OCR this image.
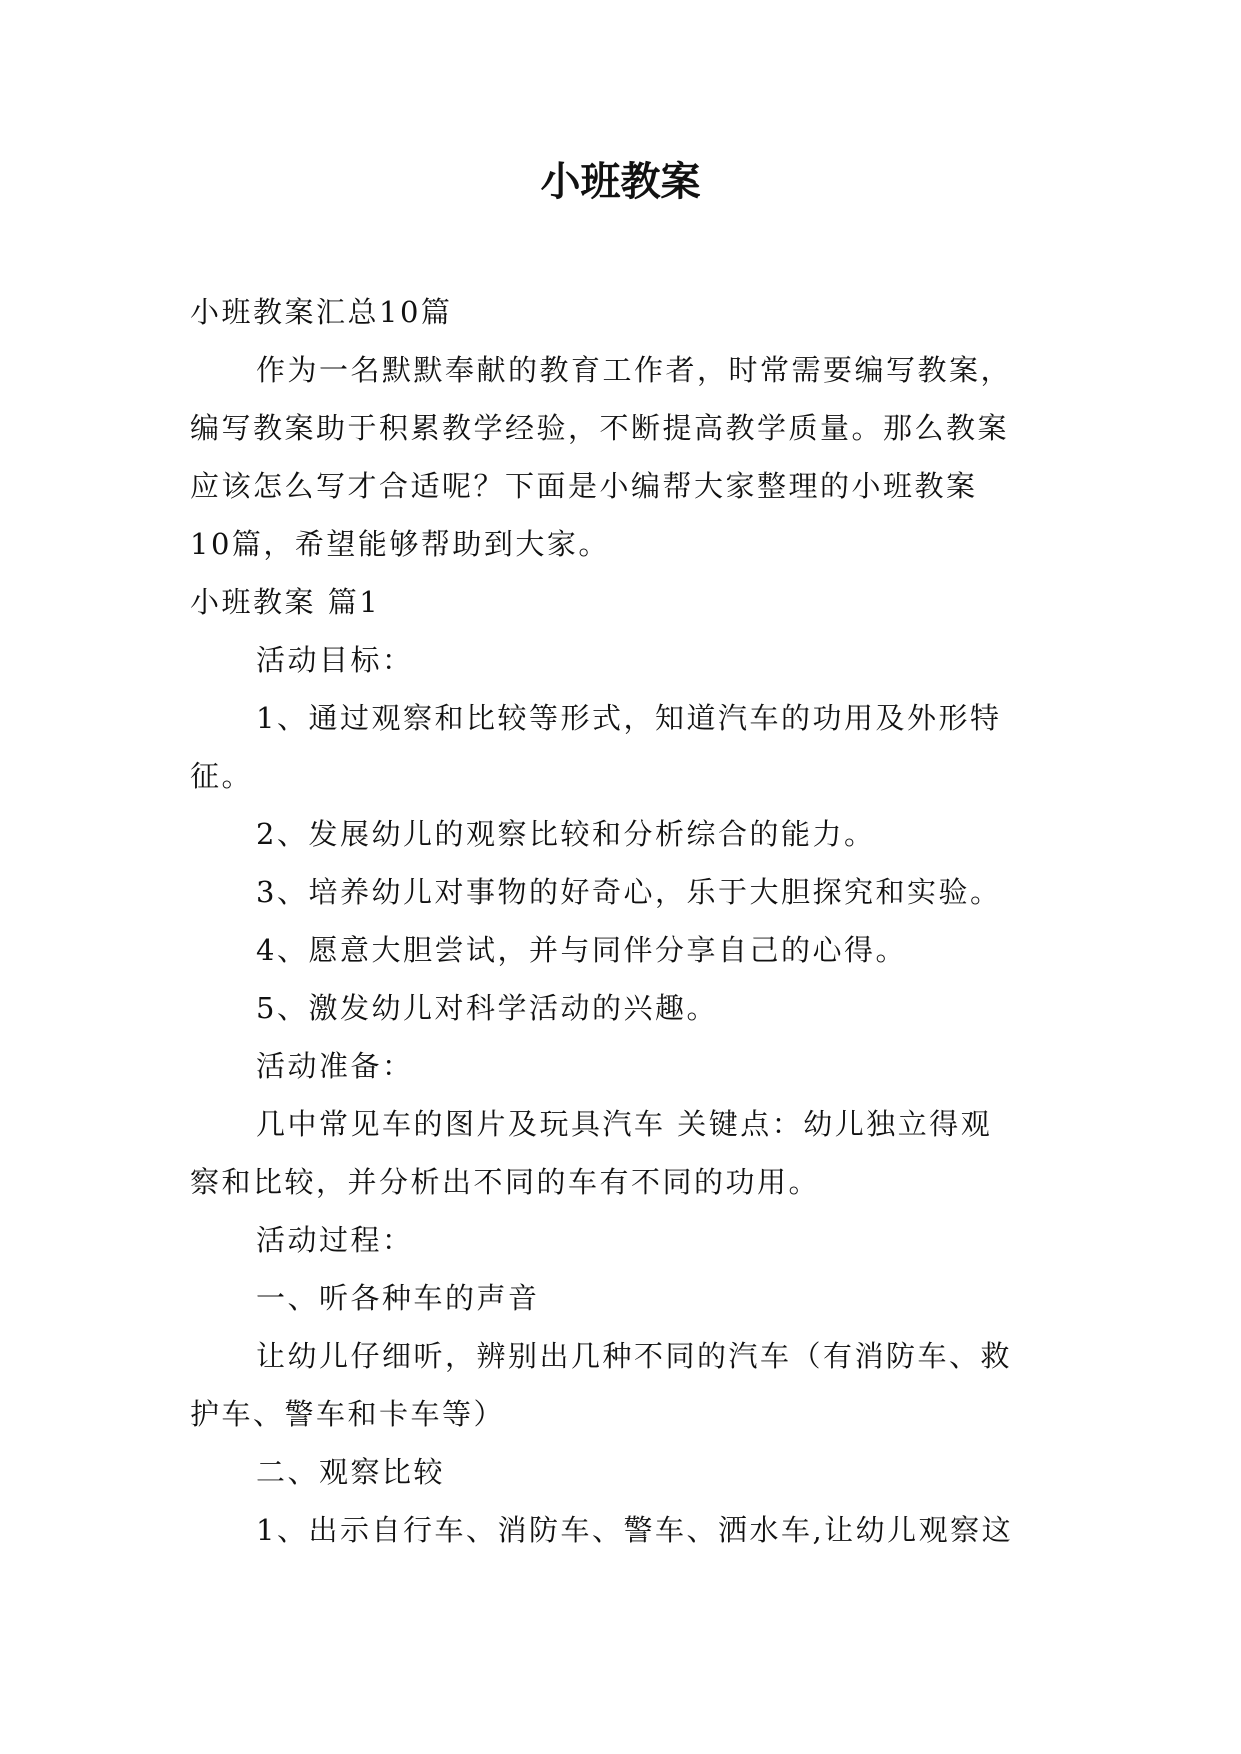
小班教案
小班教案汇总10篇
作为一名默默奉献的教育工作者，时常需要编写教案，
编写教案助于积累教学经验，不断提高教学质量。那么教案
应该怎么写才合适呢？下面是小编帮大家整理的小班教案
10篇，希望能够帮助到大家。
小班教案 篇1
活动目标：
1、通过观察和比较等形式，知道汽车的功用及外形特
征。
2、发展幼儿的观察比较和分析综合的能力。
3、培养幼儿对事物的好奇心，乐于大胆探究和实验。
4、愿意大胆尝试，并与同伴分享自己的心得。
5、激发幼儿对科学活动的兴趣。
活动准备：
几中常见车的图片及玩具汽车 关键点：幼儿独立得观
察和比较，并分析出不同的车有不同的功用。
活动过程：
一、听各种车的声音
让幼儿仔细听，辨别出几种不同的汽车（有消防车、救
护车、警车和卡车等）
二、观察比较
1、出示自行车、消防车、警车、洒水车,让幼儿观察这
